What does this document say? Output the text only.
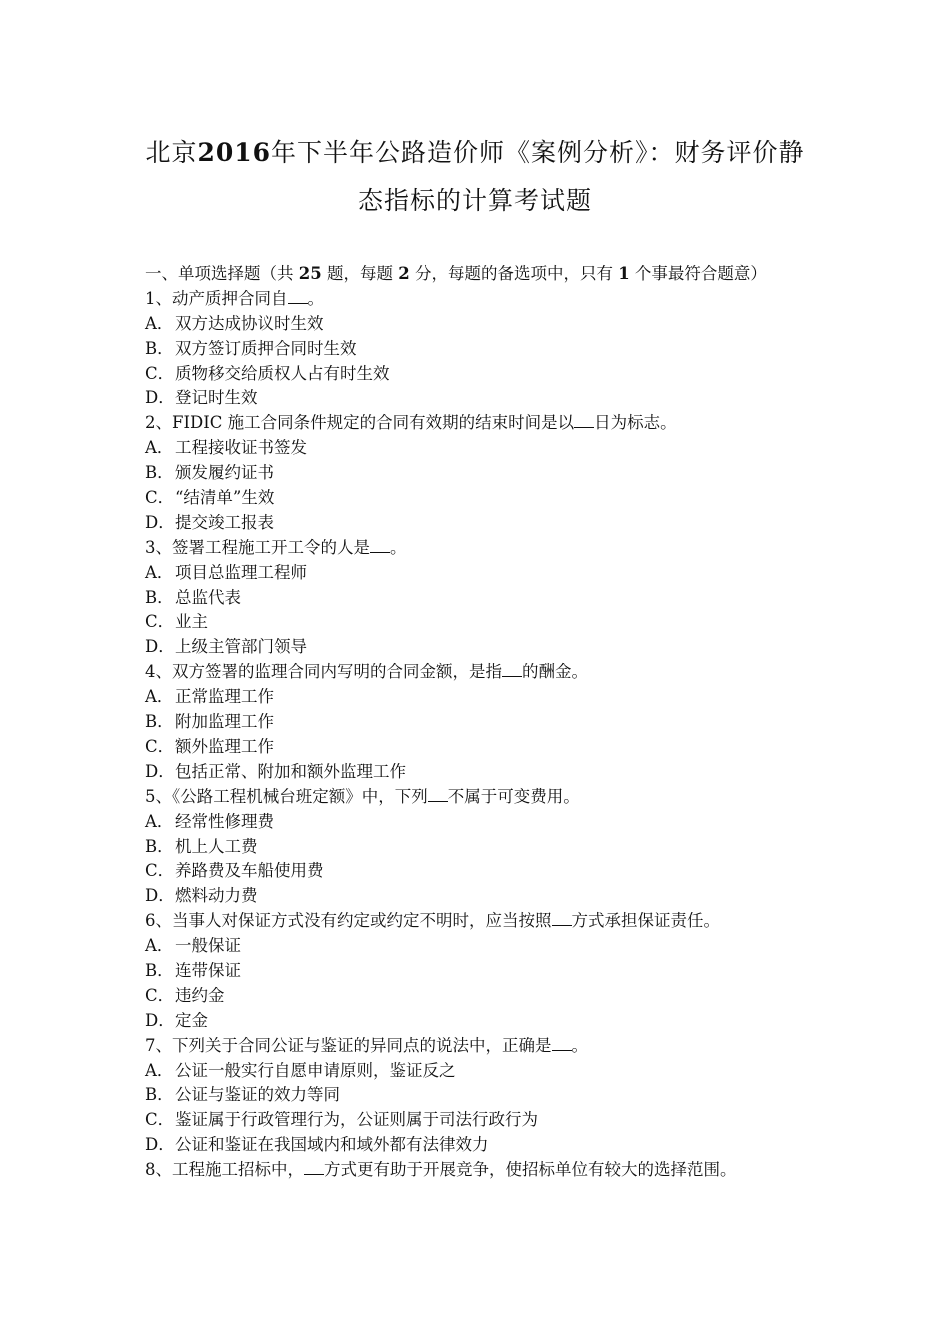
北京2016年下半年公路造价师《案例分析》：财务评价静
态指标的计算考试题
一、单项选择题（共 25 题，每题 2 分，每题的备选项中，只有 1 个事最符合题意）
1、动产质押合同自 。
A．双方达成协议时生效
B．双方签订质押合同时生效
C．质物移交给质权人占有时生效
D．登记时生效
2、FIDIC 施工合同条件规定的合同有效期的结束时间是以 日为标志。
A．工程接收证书签发
B．颁发履约证书
C．“结清单”生效
D．提交竣工报表
3、签署工程施工开工令的人是 。
A．项目总监理工程师
B．总监代表
C．业主
D．上级主管部门领导
4、双方签署的监理合同内写明的合同金额，是指 的酬金。
A．正常监理工作
B．附加监理工作
C．额外监理工作
D．包括正常、附加和额外监理工作
5、《公路工程机械台班定额》中，下列 不属于可变费用。
A．经常性修理费
B．机上人工费
C．养路费及车船使用费
D．燃料动力费
6、当事人对保证方式没有约定或约定不明时，应当按照 方式承担保证责任。
A．一般保证
B．连带保证
C．违约金
D．定金
7、下列关于合同公证与鉴证的异同点的说法中，正确是 。
A．公证一般实行自愿申请原则，鉴证反之
B．公证与鉴证的效力等同
C．鉴证属于行政管理行为，公证则属于司法行政行为
D．公证和鉴证在我国域内和域外都有法律效力
8、工程施工招标中， 方式更有助于开展竞争，使招标单位有较大的选择范围。
